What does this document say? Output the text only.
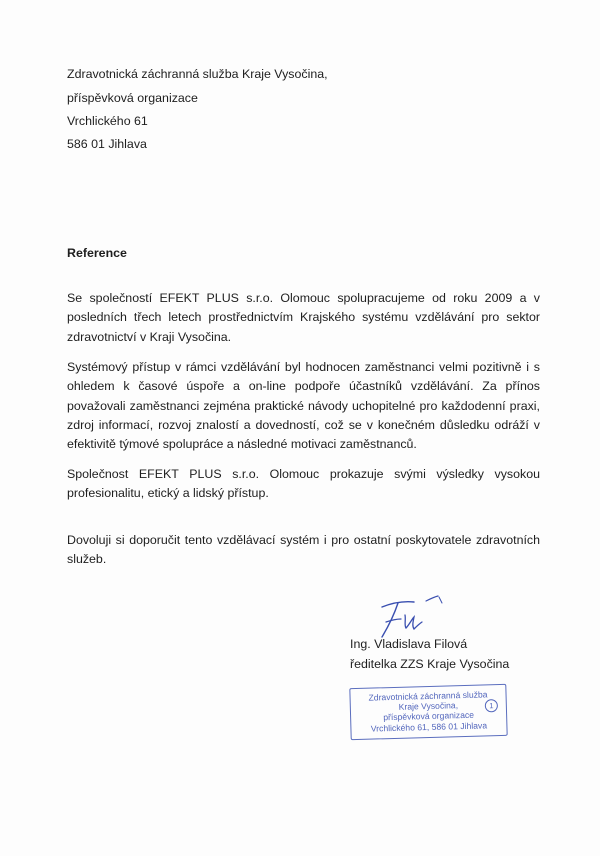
Zdravotnická záchranná služba Kraje Vysočina,
příspěvková organizace
Vrchlického 61
586 01 Jihlava
Reference
Se společností EFEKT PLUS s.r.o. Olomouc spolupracujeme od roku 2009 a v posledních třech letech prostřednictvím Krajského systému vzdělávání pro sektor zdravotnictví v Kraji Vysočina.
Systémový přístup v rámci vzdělávání byl hodnocen zaměstnanci velmi pozitivně i s ohledem k časové úspoře a on-line podpoře účastníků vzdělávání. Za přínos považovali zaměstnanci zejména praktické návody uchopitelné pro každodenní praxi, zdroj informací, rozvoj znalostí a dovedností, což se v konečném důsledku odráží v efektivitě týmové spolupráce a následné motivaci zaměstnanců.
Společnost EFEKT PLUS s.r.o. Olomouc prokazuje svými výsledky vysokou profesionalitu, etický a lidský přístup.
Dovoluji si doporučit tento vzdělávací systém i pro ostatní poskytovatele zdravotních služeb.
Ing. Vladislava Filová
ředitelka ZZS Kraje Vysočina
Zdravotnická záchranná služba
Kraje Vysočina,
příspěvková organizace
Vrchlického 61, 586 01 Jihlava
1
